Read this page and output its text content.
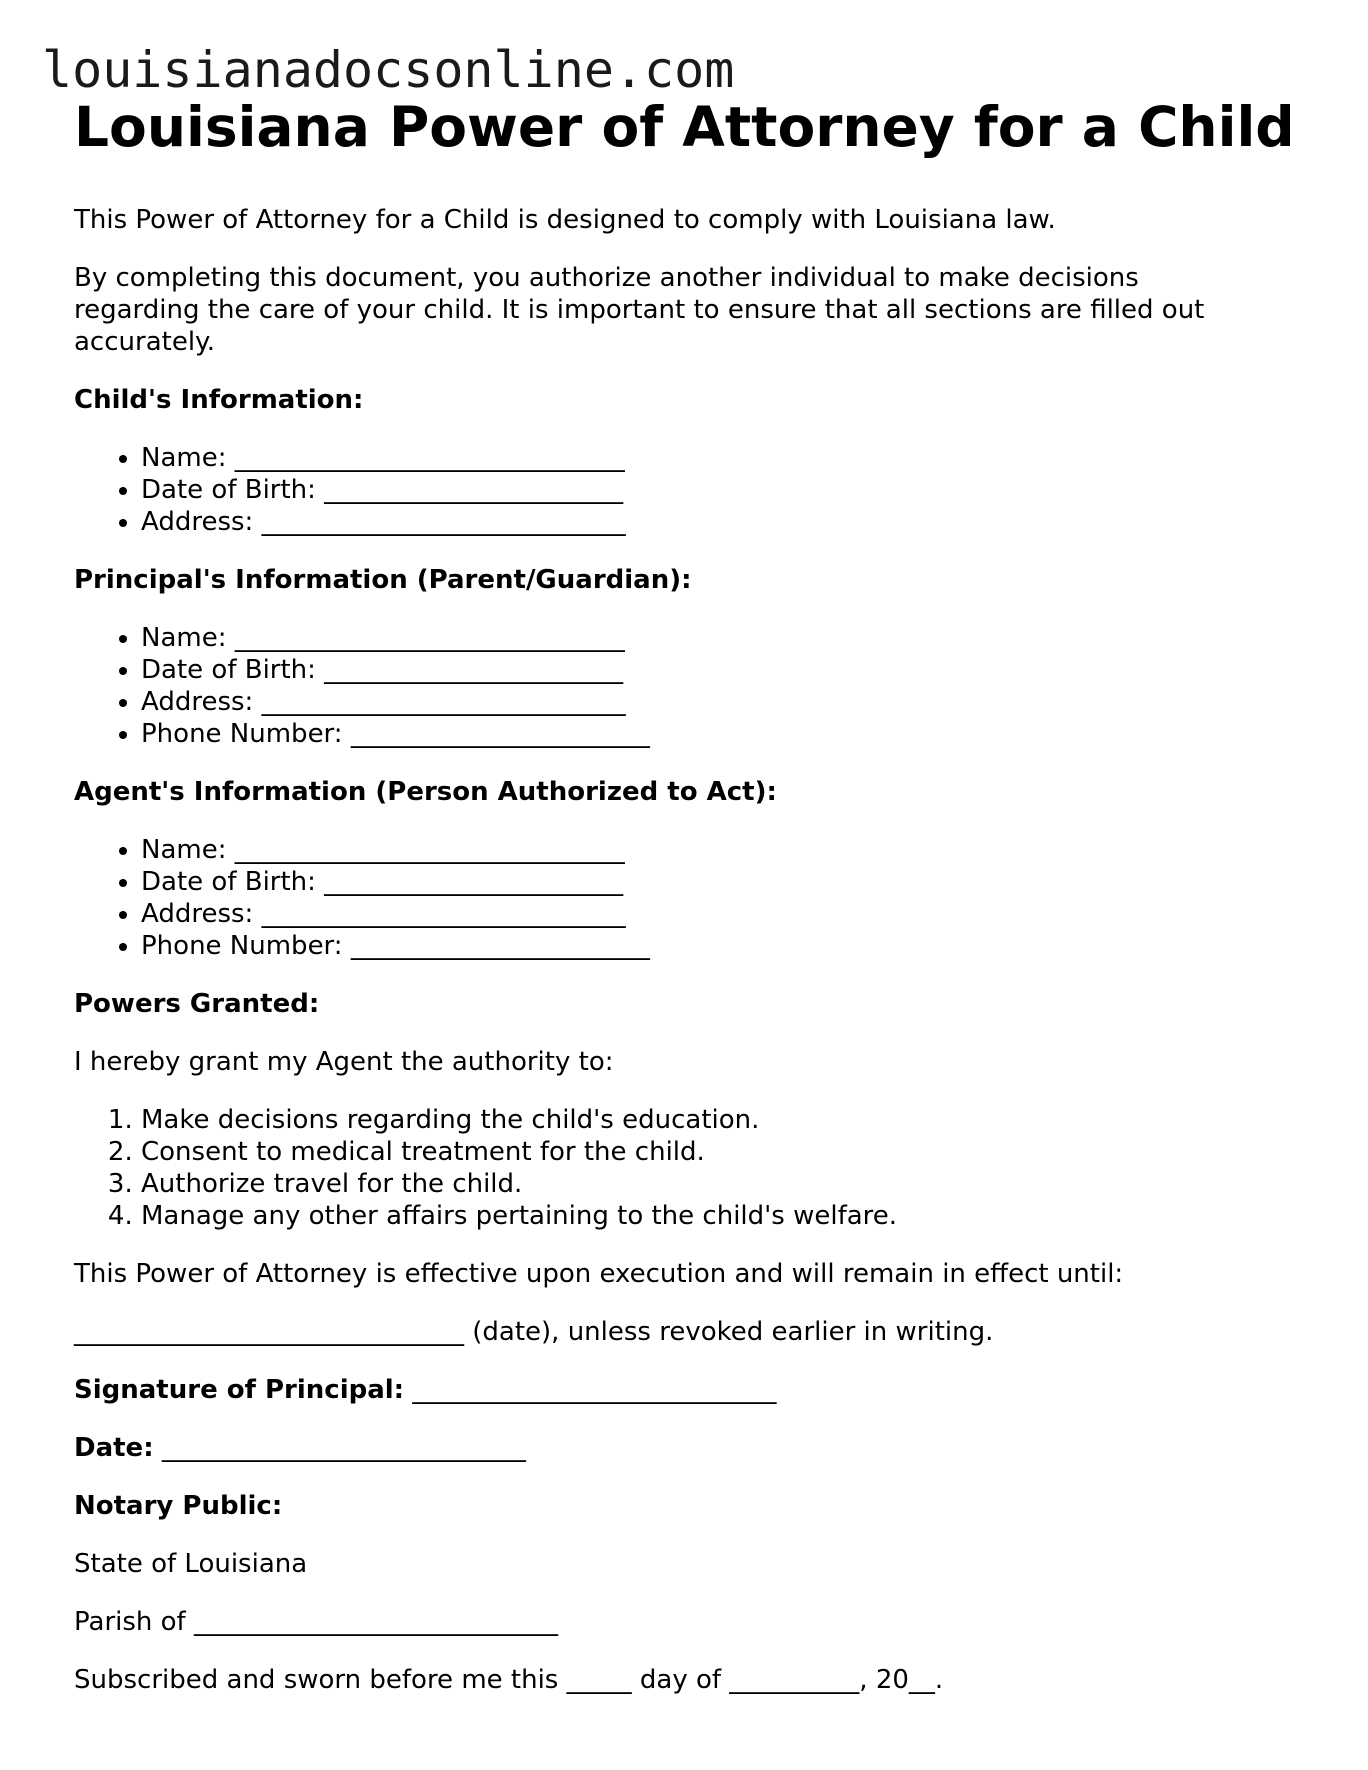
louisianadocsonline.com
Louisiana Power of Attorney for a Child

This Power of Attorney for a Child is designed to comply with Louisiana law.

By completing this document, you authorize another individual to make decisions regarding the care of your child. It is important to ensure that all sections are filled out accurately.

Child's Information:

• Name: ______________________________
• Date of Birth: _______________________
• Address: ____________________________

Principal's Information (Parent/Guardian):

• Name: ______________________________
• Date of Birth: _______________________
• Address: ____________________________
• Phone Number: _______________________

Agent's Information (Person Authorized to Act):

• Name: ______________________________
• Date of Birth: _______________________
• Address: ____________________________
• Phone Number: _______________________

Powers Granted:

I hereby grant my Agent the authority to:

1. Make decisions regarding the child's education.
2. Consent to medical treatment for the child.
3. Authorize travel for the child.
4. Manage any other affairs pertaining to the child's welfare.

This Power of Attorney is effective upon execution and will remain in effect until:

______________________________ (date), unless revoked earlier in writing.

Signature of Principal: ____________________________

Date: ____________________________

Notary Public:

State of Louisiana

Parish of ____________________________

Subscribed and sworn before me this _____ day of __________, 20__.
